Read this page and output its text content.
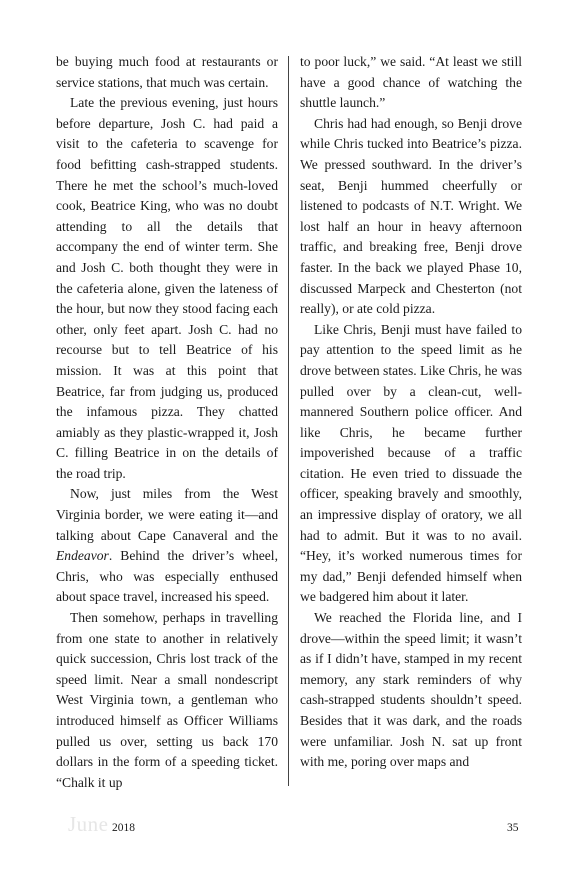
be buying much food at restaurants or service stations, that much was certain.

Late the previous evening, just hours before departure, Josh C. had paid a visit to the cafeteria to scavenge for food befitting cash-strapped students. There he met the school’s much-loved cook, Beatrice King, who was no doubt attending to all the details that accompany the end of winter term. She and Josh C. both thought they were in the cafeteria alone, given the lateness of the hour, but now they stood facing each other, only feet apart. Josh C. had no recourse but to tell Beatrice of his mission. It was at this point that Beatrice, far from judging us, produced the infamous pizza. They chatted amiably as they plastic-wrapped it, Josh C. filling Beatrice in on the details of the road trip.

Now, just miles from the West Virginia border, we were eating it—and talking about Cape Canaveral and the Endeavor. Behind the driver’s wheel, Chris, who was especially enthused about space travel, increased his speed.

Then somehow, perhaps in travelling from one state to another in relatively quick succession, Chris lost track of the speed limit. Near a small nondescript West Virginia town, a gentleman who introduced himself as Officer Williams pulled us over, setting us back 170 dollars in the form of a speeding ticket. “Chalk it up

to poor luck,” we said. “At least we still have a good chance of watching the shuttle launch.”

Chris had had enough, so Benji drove while Chris tucked into Beatrice’s pizza. We pressed southward. In the driver’s seat, Benji hummed cheerfully or listened to podcasts of N.T. Wright. We lost half an hour in heavy afternoon traffic, and breaking free, Benji drove faster. In the back we played Phase 10, discussed Marpeck and Chesterton (not really), or ate cold pizza.

Like Chris, Benji must have failed to pay attention to the speed limit as he drove between states. Like Chris, he was pulled over by a clean-cut, well-mannered Southern police officer. And like Chris, he became further impoverished because of a traffic citation. He even tried to dissuade the officer, speaking bravely and smoothly, an impressive display of oratory, we all had to admit. But it was to no avail. “Hey, it’s worked numerous times for my dad,” Benji defended himself when we badgered him about it later.

We reached the Florida line, and I drove—within the speed limit; it wasn’t as if I didn’t have, stamped in my recent memory, any stark reminders of why cash-strapped students shouldn’t speed. Besides that it was dark, and the roads were unfamiliar. Josh N. sat up front with me, poring over maps and

June 2018	35
